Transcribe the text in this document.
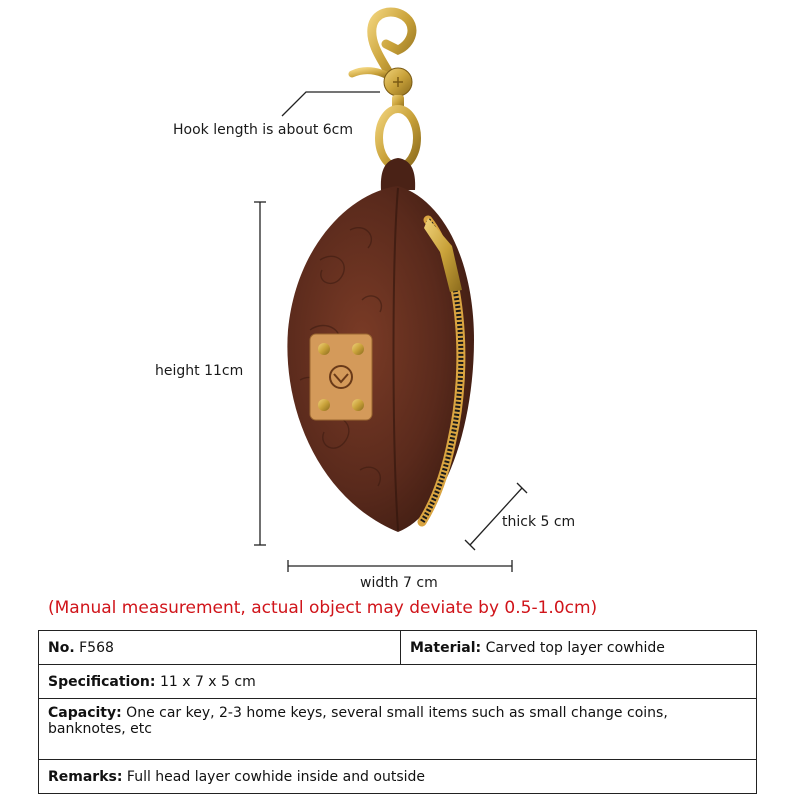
Hook length is about 6cm
height 11cm
thick 5 cm
width 7 cm
(Manual measurement, actual object may deviate by 0.5-1.0cm)
No. F568	Material: Carved top layer cowhide
Specification: 11 x 7 x 5 cm
Capacity: One car key, 2-3 home keys, several small items such as small change coins, banknotes, etc
Remarks: Full head layer cowhide inside and outside
